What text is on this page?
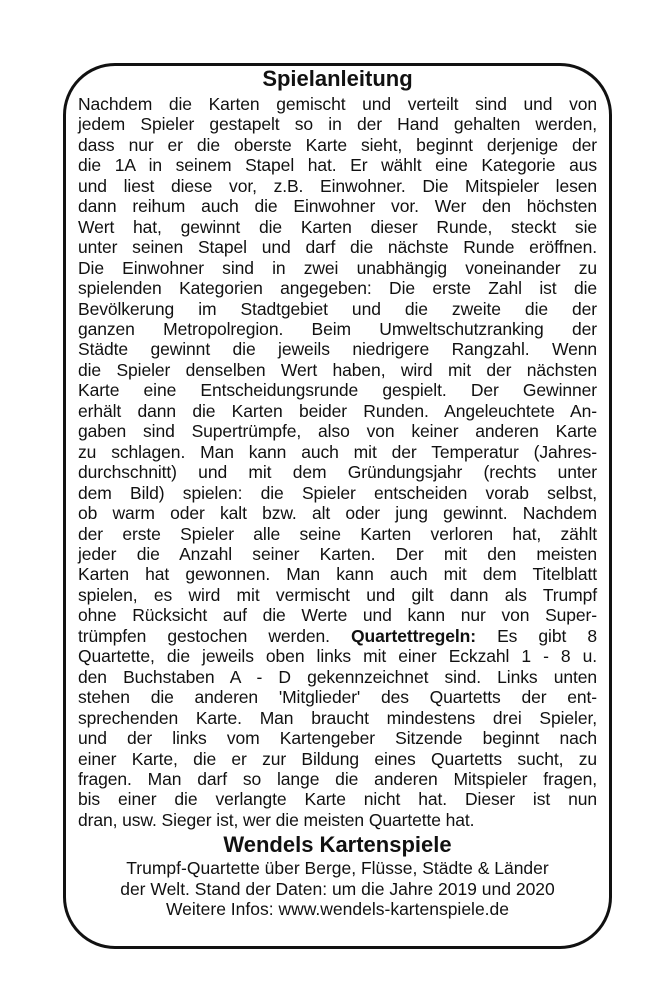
Spielanleitung
Nachdem die Karten gemischt und verteilt sind und von
jedem Spieler gestapelt so in der Hand gehalten werden,
dass nur er die oberste Karte sieht, beginnt derjenige der
die 1A in seinem Stapel hat. Er wählt eine Kategorie aus
und liest diese vor, z.B. Einwohner. Die Mitspieler lesen
dann reihum auch die Einwohner vor. Wer den höchsten
Wert hat, gewinnt die Karten dieser Runde, steckt sie
unter seinen Stapel und darf die nächste Runde eröffnen.
Die Einwohner sind in zwei unabhängig voneinander zu
spielenden Kategorien angegeben: Die erste Zahl ist die
Bevölkerung im Stadtgebiet und die zweite die der
ganzen Metropolregion. Beim Umweltschutzranking der
Städte gewinnt die jeweils niedrigere Rangzahl. Wenn
die Spieler denselben Wert haben, wird mit der nächsten
Karte eine Entscheidungsrunde gespielt. Der Gewinner
erhält dann die Karten beider Runden. Angeleuchtete An-
gaben sind Supertrümpfe, also von keiner anderen Karte
zu schlagen. Man kann auch mit der Temperatur (Jahres-
durchschnitt) und mit dem Gründungsjahr (rechts unter
dem Bild) spielen: die Spieler entscheiden vorab selbst,
ob warm oder kalt bzw. alt oder jung gewinnt. Nachdem
der erste Spieler alle seine Karten verloren hat, zählt
jeder die Anzahl seiner Karten. Der mit den meisten
Karten hat gewonnen. Man kann auch mit dem Titelblatt
spielen, es wird mit vermischt und gilt dann als Trumpf
ohne Rücksicht auf die Werte und kann nur von Super-
trümpfen gestochen werden. Quartettregeln: Es gibt 8
Quartette, die jeweils oben links mit einer Eckzahl 1 - 8 u.
den Buchstaben A - D gekennzeichnet sind. Links unten
stehen die anderen 'Mitglieder' des Quartetts der ent-
sprechenden Karte. Man braucht mindestens drei Spieler,
und der links vom Kartengeber Sitzende beginnt nach
einer Karte, die er zur Bildung eines Quartetts sucht, zu
fragen. Man darf so lange die anderen Mitspieler fragen,
bis einer die verlangte Karte nicht hat. Dieser ist nun
dran, usw. Sieger ist, wer die meisten Quartette hat.
Wendels Kartenspiele

Trumpf-Quartette über Berge, Flüsse, Städte & Länder

der Welt. Stand der Daten: um die Jahre 2019 und 2020

Weitere Infos: www.wendels-kartenspiele.de
